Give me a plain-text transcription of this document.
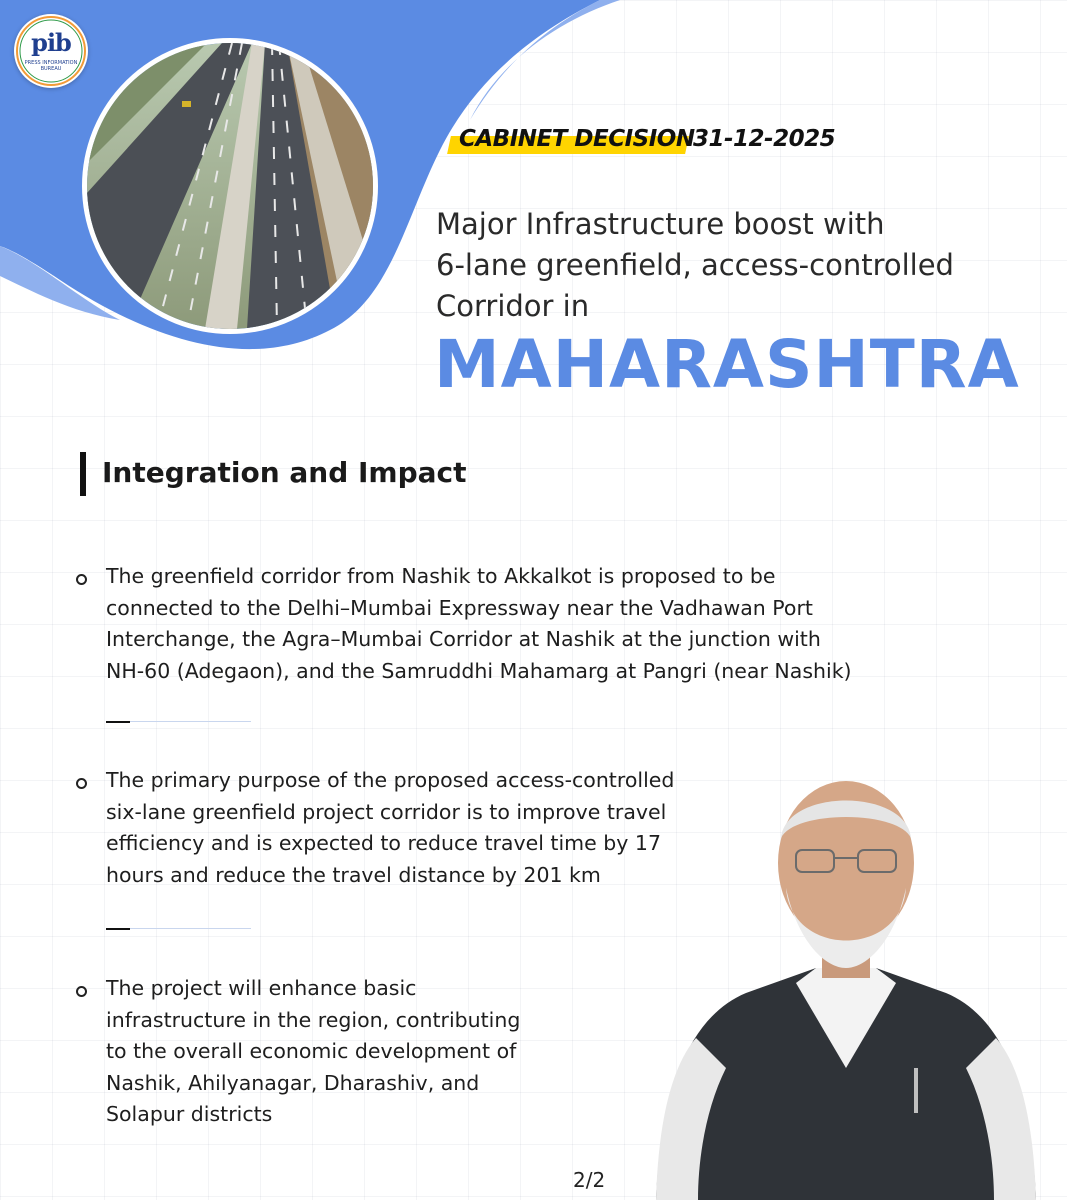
pib
PRESS INFORMATION BUREAU
CABINET DECISION
31-12-2025
Major Infrastructure boost with
6-lane greenfield, access-controlled
Corridor in
MAHARASHTRA
Integration and Impact
The greenfield corridor from Nashik to Akkalkot is proposed to be
connected to the Delhi–Mumbai Expressway near the Vadhawan Port
Interchange, the Agra–Mumbai Corridor at Nashik at the junction with
NH-60 (Adegaon), and the Samruddhi Mahamarg at Pangri (near Nashik)
The primary purpose of the proposed access-controlled
six-lane greenfield project corridor is to improve travel
efficiency and is expected to reduce travel time by 17
hours and reduce the travel distance by 201 km
The project will enhance basic
infrastructure in the region, contributing
to the overall economic development of
Nashik, Ahilyanagar, Dharashiv, and
Solapur districts
2/2
